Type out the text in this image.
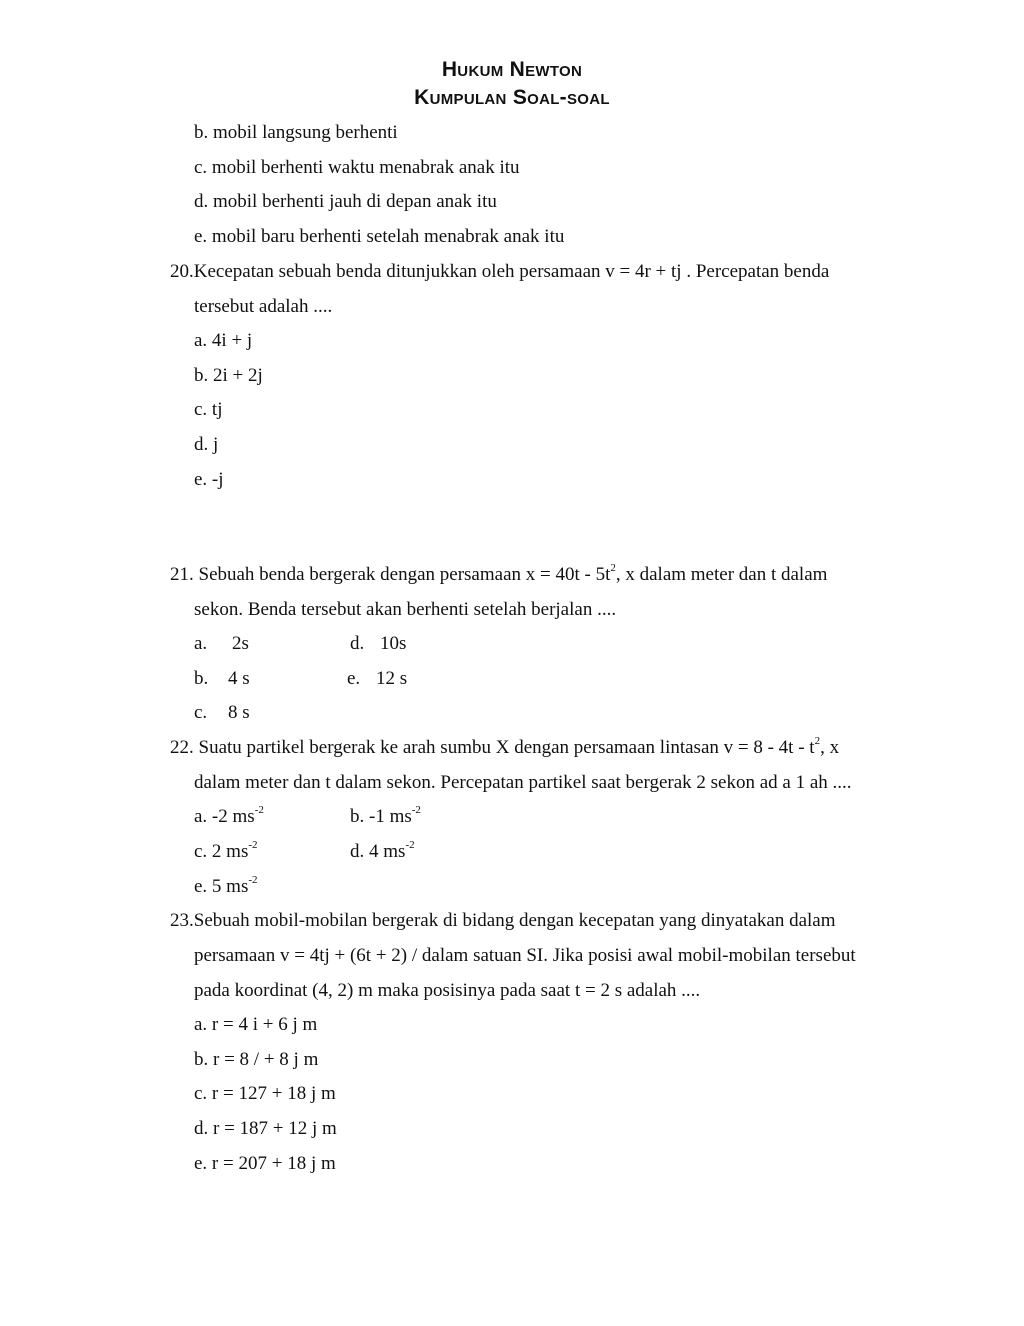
Hukum Newton
Kumpulan Soal-soal
b. mobil langsung berhenti
c. mobil berhenti waktu menabrak anak itu
d. mobil berhenti jauh di depan anak itu
e. mobil baru berhenti setelah menabrak anak itu
20.Kecepatan sebuah benda ditunjukkan oleh persamaan v = 4r + tj . Percepatan benda
tersebut adalah ....
a. 4i + j
b. 2i + 2j
c. tj
d. j
e. -j
21. Sebuah benda bergerak dengan persamaan $x = 40t - 5t^2$, x dalam meter dan t dalam
sekon. Benda tersebut akan berhenti setelah berjalan ....
a. 2s	d. 10s
b. 4 s	e. 12 s
c. 8 s
22. Suatu partikel bergerak ke arah sumbu X dengan persamaan lintasan $v = 8 - 4t - t^2$, x
dalam meter dan t dalam sekon. Percepatan partikel saat bergerak 2 sekon ad a 1 ah ....
a. -2 $ms^{-2}$	b. -1 $ms^{-2}$
c. 2 $ms^{-2}$	d. 4 $ms^{-2}$
e. 5 $ms^{-2}$
23.Sebuah mobil-mobilan bergerak di bidang dengan kecepatan yang dinyatakan dalam
persamaan v = 4tj + (6t + 2) / dalam satuan SI. Jika posisi awal mobil-mobilan tersebut
pada koordinat (4, 2) m maka posisinya pada saat t = 2 s adalah ....
a. r = 4 i + 6 j m
b. r = 8 / + 8 j m
c. r = 127 + 18 j m
d. r = 187 + 12 j m
e. r = 207 + 18 j m
